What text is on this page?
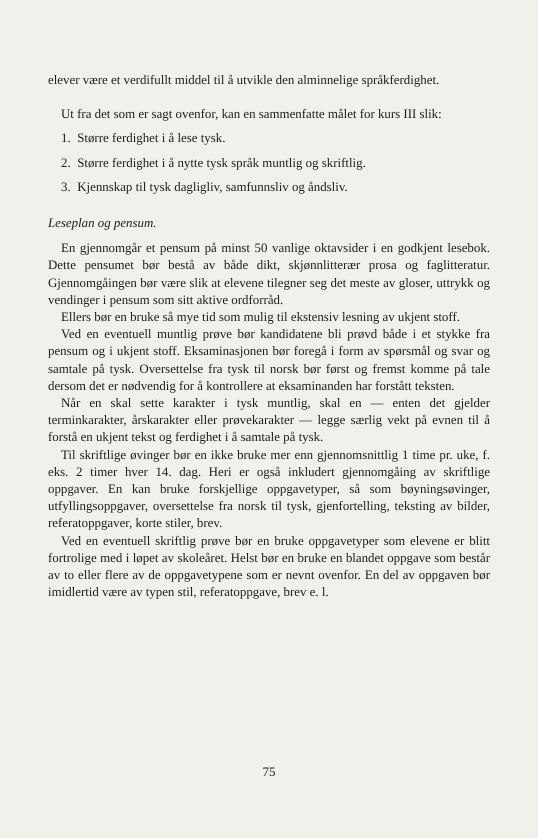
elever være et verdifullt middel til å utvikle den alminnelige språkferdighet.

Ut fra det som er sagt ovenfor, kan en sammenfatte målet for kurs III slik:

1. Større ferdighet i å lese tysk.
2. Større ferdighet i å nytte tysk språk muntlig og skriftlig.
3. Kjennskap til tysk dagligliv, samfunnsliv og åndsliv.

Leseplan og pensum.

En gjennomgår et pensum på minst 50 vanlige oktavsider i en godkjent lesebok. Dette pensumet bør bestå av både dikt, skjønnlitterær prosa og faglitteratur. Gjennomgåingen bør være slik at elevene tilegner seg det meste av gloser, uttrykk og vendinger i pensum som sitt aktive ordforråd.

Ellers bør en bruke så mye tid som mulig til ekstensiv lesning av ukjent stoff.

Ved en eventuell muntlig prøve bør kandidatene bli prøvd både i et stykke fra pensum og i ukjent stoff. Eksaminasjonen bør foregå i form av spørsmål og svar og samtale på tysk. Oversettelse fra tysk til norsk bør først og fremst komme på tale dersom det er nødvendig for å kontrollere at eksaminanden har forstått teksten.

Når en skal sette karakter i tysk muntlig, skal en — enten det gjelder terminkarakter, årskarakter eller prøvekarakter — legge særlig vekt på evnen til å forstå en ukjent tekst og ferdighet i å samtale på tysk.

Til skriftlige øvinger bør en ikke bruke mer enn gjennomsnittlig 1 time pr. uke, f. eks. 2 timer hver 14. dag. Heri er også inkludert gjennomgåing av skriftlige oppgaver. En kan bruke forskjellige oppgavetyper, så som bøyningsøvinger, utfyllingsoppgaver, oversettelse fra norsk til tysk, gjenfortelling, teksting av bilder, referatoppgaver, korte stiler, brev.

Ved en eventuell skriftlig prøve bør en bruke oppgavetyper som elevene er blitt fortrolige med i løpet av skoleåret. Helst bør en bruke en blandet oppgave som består av to eller flere av de oppgavetypene som er nevnt ovenfor. En del av oppgaven bør imidlertid være av typen stil, referatoppgave, brev e. l.

75
